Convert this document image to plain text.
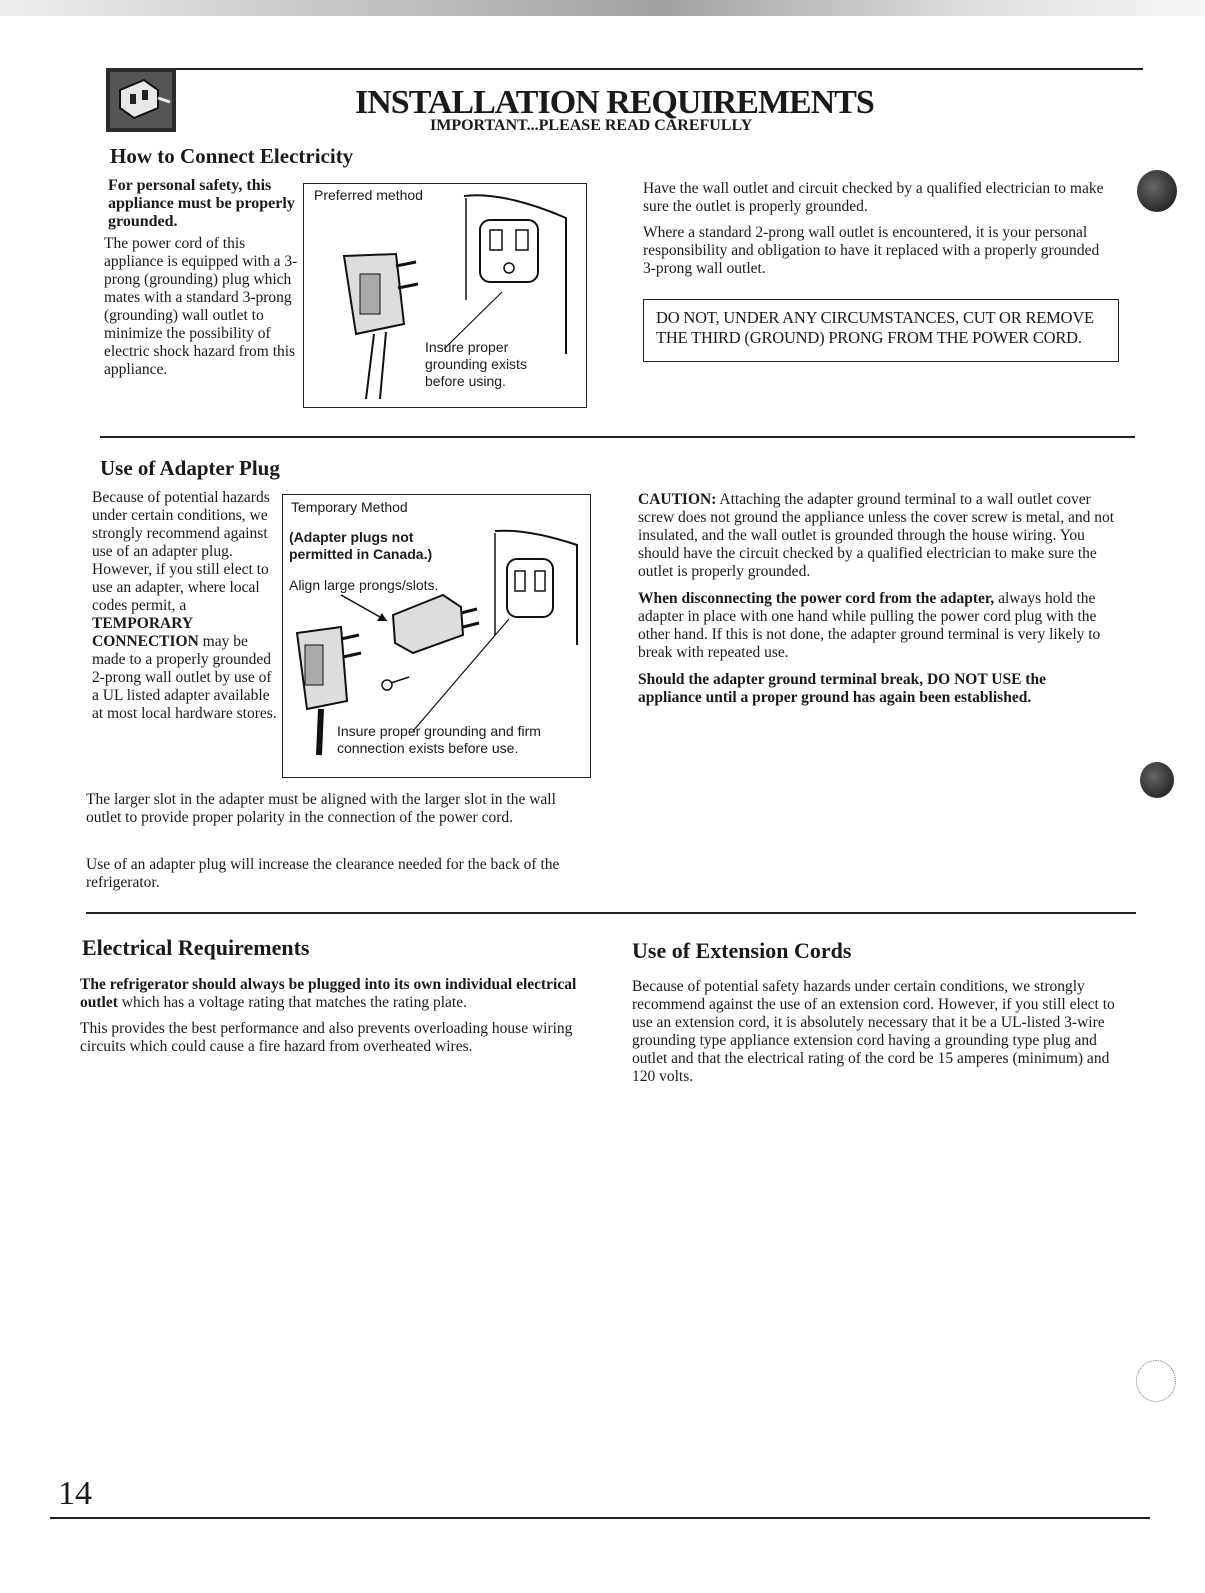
INSTALLATION REQUIREMENTS
IMPORTANT...PLEASE READ CAREFULLY
How to Connect Electricity

For personal safety, this appliance must be properly grounded.

The power cord of this appliance is equipped with a 3-prong (grounding) plug which mates with a standard 3-prong (grounding) wall outlet to minimize the possibility of electric shock hazard from this appliance.

Preferred method
Insure proper grounding exists before using.

Have the wall outlet and circuit checked by a qualified electrician to make sure the outlet is properly grounded.

Where a standard 2-prong wall outlet is encountered, it is your personal responsibility and obligation to have it replaced with a properly grounded 3-prong wall outlet.

DO NOT, UNDER ANY CIRCUMSTANCES, CUT OR REMOVE THE THIRD (GROUND) PRONG FROM THE POWER CORD.
Use of Adapter Plug

Because of potential hazards under certain conditions, we strongly recommend against use of an adapter plug. However, if you still elect to use an adapter, where local codes permit, a TEMPORARY CONNECTION may be made to a properly grounded 2-prong wall outlet by use of a UL listed adapter available at most local hardware stores.

Temporary Method
(Adapter plugs not permitted in Canada.)
Align large prongs/slots.
Insure proper grounding and firm connection exists before use.

The larger slot in the adapter must be aligned with the larger slot in the wall outlet to provide proper polarity in the connection of the power cord.

Use of an adapter plug will increase the clearance needed for the back of the refrigerator.

CAUTION: Attaching the adapter ground terminal to a wall outlet cover screw does not ground the appliance unless the cover screw is metal, and not insulated, and the wall outlet is grounded through the house wiring. You should have the circuit checked by a qualified electrician to make sure the outlet is properly grounded.

When disconnecting the power cord from the adapter, always hold the adapter in place with one hand while pulling the power cord plug with the other hand. If this is not done, the adapter ground terminal is very likely to break with repeated use.

Should the adapter ground terminal break, DO NOT USE the appliance until a proper ground has again been established.

Electrical Requirements

The refrigerator should always be plugged into its own individual electrical outlet which has a voltage rating that matches the rating plate.

This provides the best performance and also prevents overloading house wiring circuits which could cause a fire hazard from overheated wires.

Use of Extension Cords

Because of potential safety hazards under certain conditions, we strongly recommend against the use of an extension cord. However, if you still elect to use an extension cord, it is absolutely necessary that it be a UL-listed 3-wire grounding type appliance extension cord having a grounding type plug and outlet and that the electrical rating of the cord be 15 amperes (minimum) and 120 volts.

14
